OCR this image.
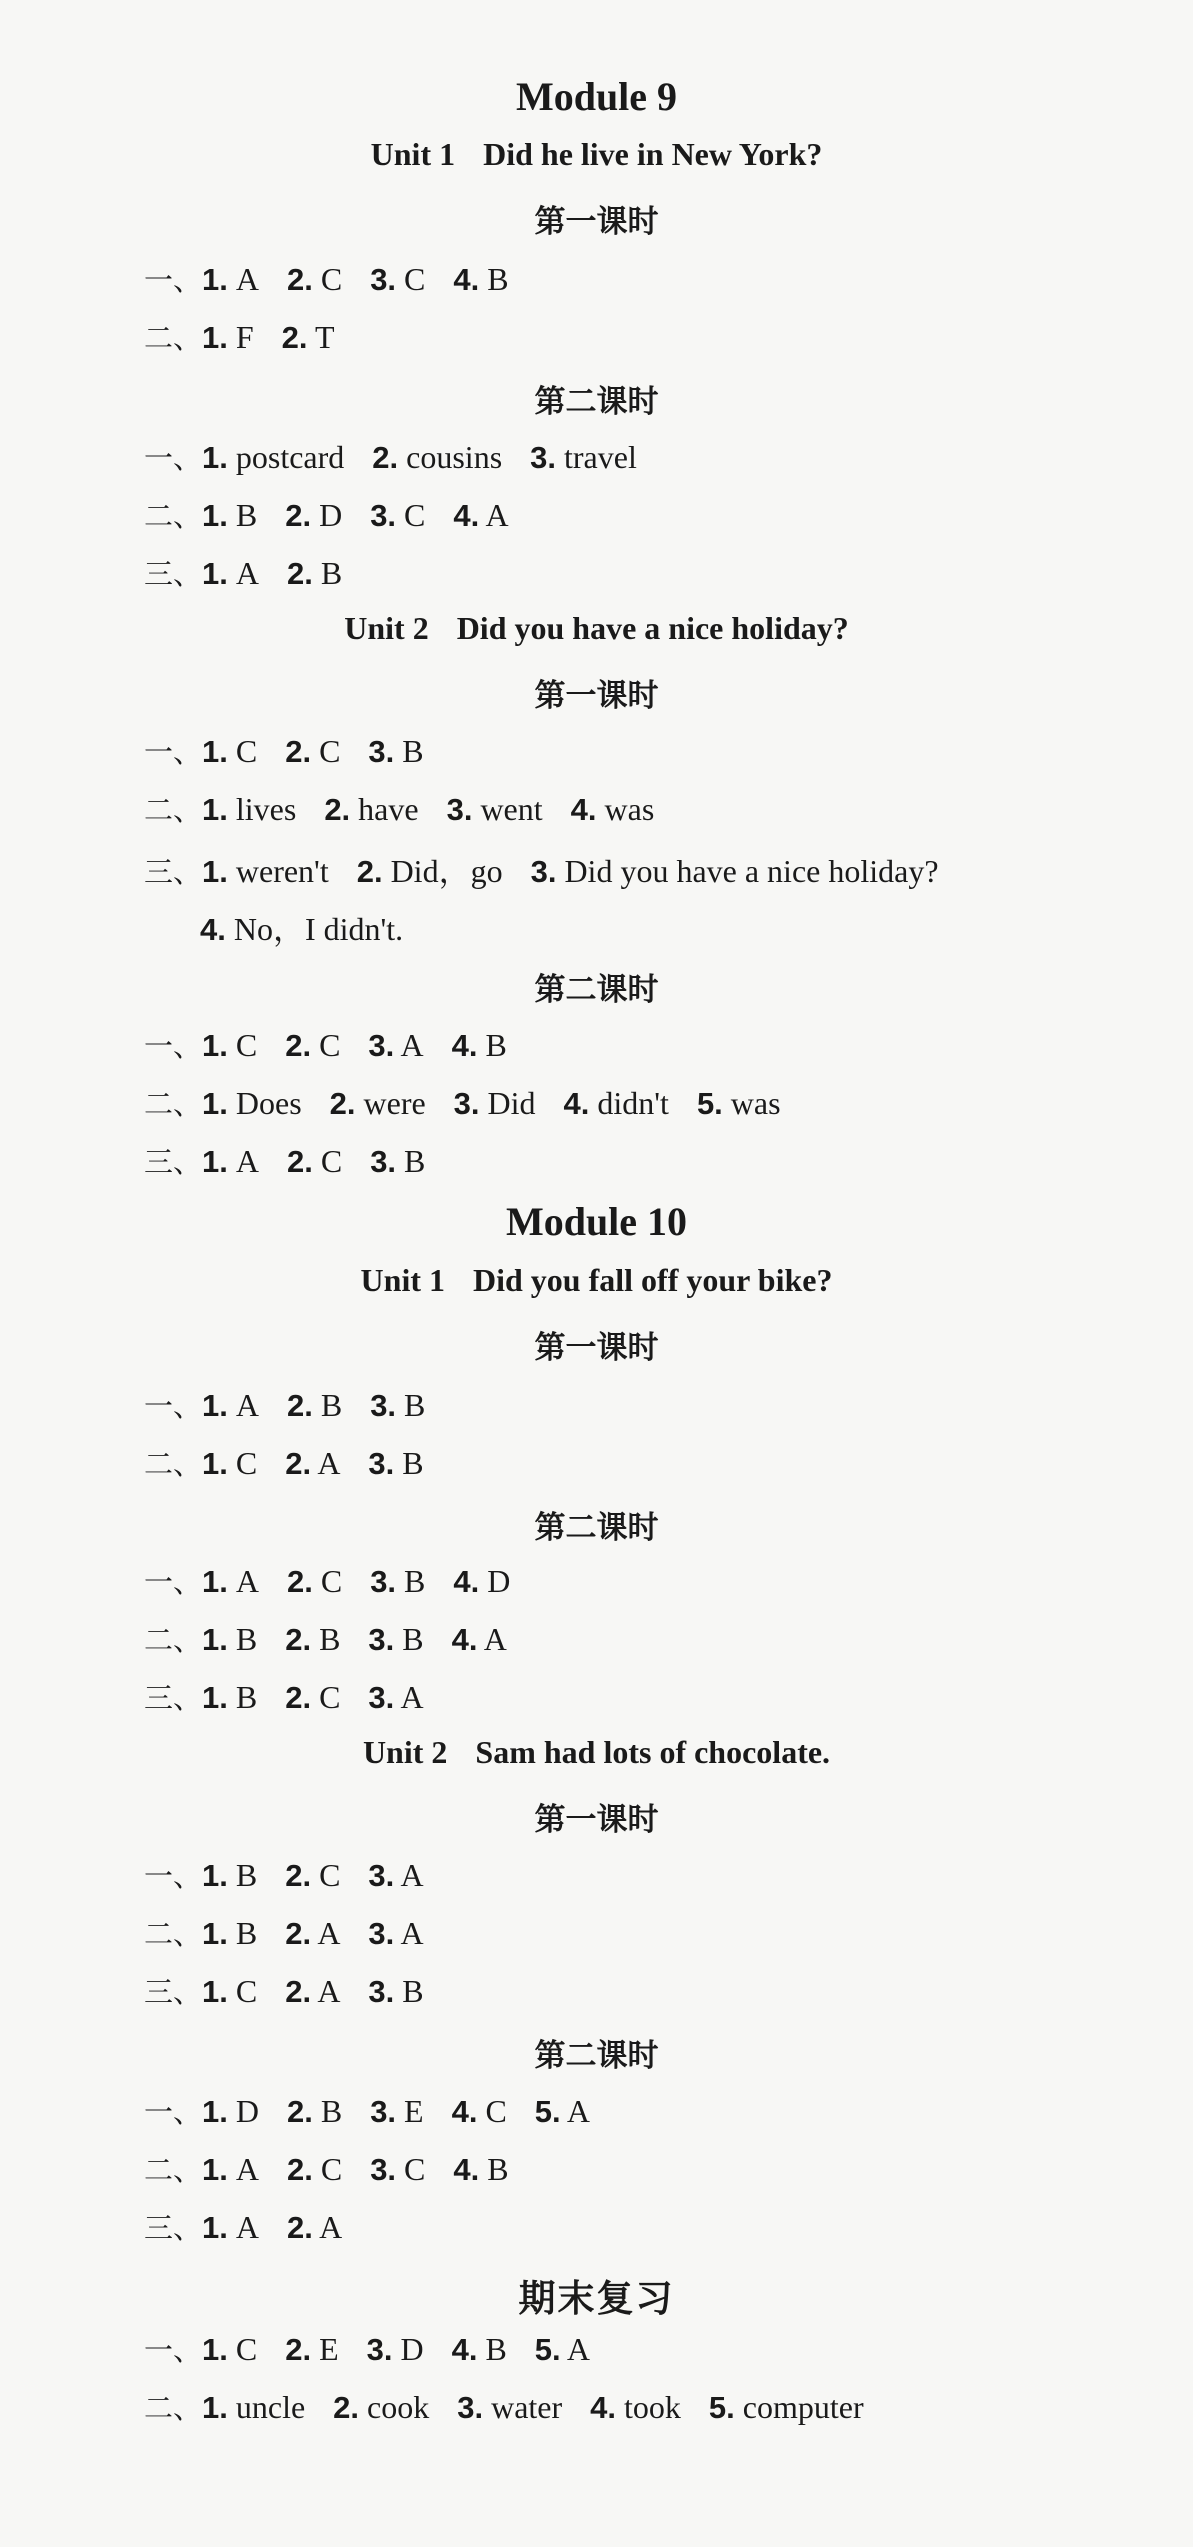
Module 9
Unit 1 Did he live in New York?
第一课时
一、1. A 2. C 3. C 4. B
二、1. F 2. T
第二课时
一、1. postcard 2. cousins 3. travel
二、1. B 2. D 3. C 4. A
三、1. A 2. B
Unit 2 Did you have a nice holiday?
第一课时
一、1. C 2. C 3. B
二、1. lives 2. have 3. went 4. was
三、1. weren't 2. Did，go 3. Did you have a nice holiday?
4. No，I didn't.
第二课时
一、1. C 2. C 3. A 4. B
二、1. Does 2. were 3. Did 4. didn't 5. was
三、1. A 2. C 3. B
Module 10
Unit 1 Did you fall off your bike?
第一课时
一、1. A 2. B 3. B
二、1. C 2. A 3. B
第二课时
一、1. A 2. C 3. B 4. D
二、1. B 2. B 3. B 4. A
三、1. B 2. C 3. A
Unit 2 Sam had lots of chocolate.
第一课时
一、1. B 2. C 3. A
二、1. B 2. A 3. A
三、1. C 2. A 3. B
第二课时
一、1. D 2. B 3. E 4. C 5. A
二、1. A 2. C 3. C 4. B
三、1. A 2. A
期末复习
一、1. C 2. E 3. D 4. B 5. A
二、1. uncle 2. cook 3. water 4. took 5. computer
